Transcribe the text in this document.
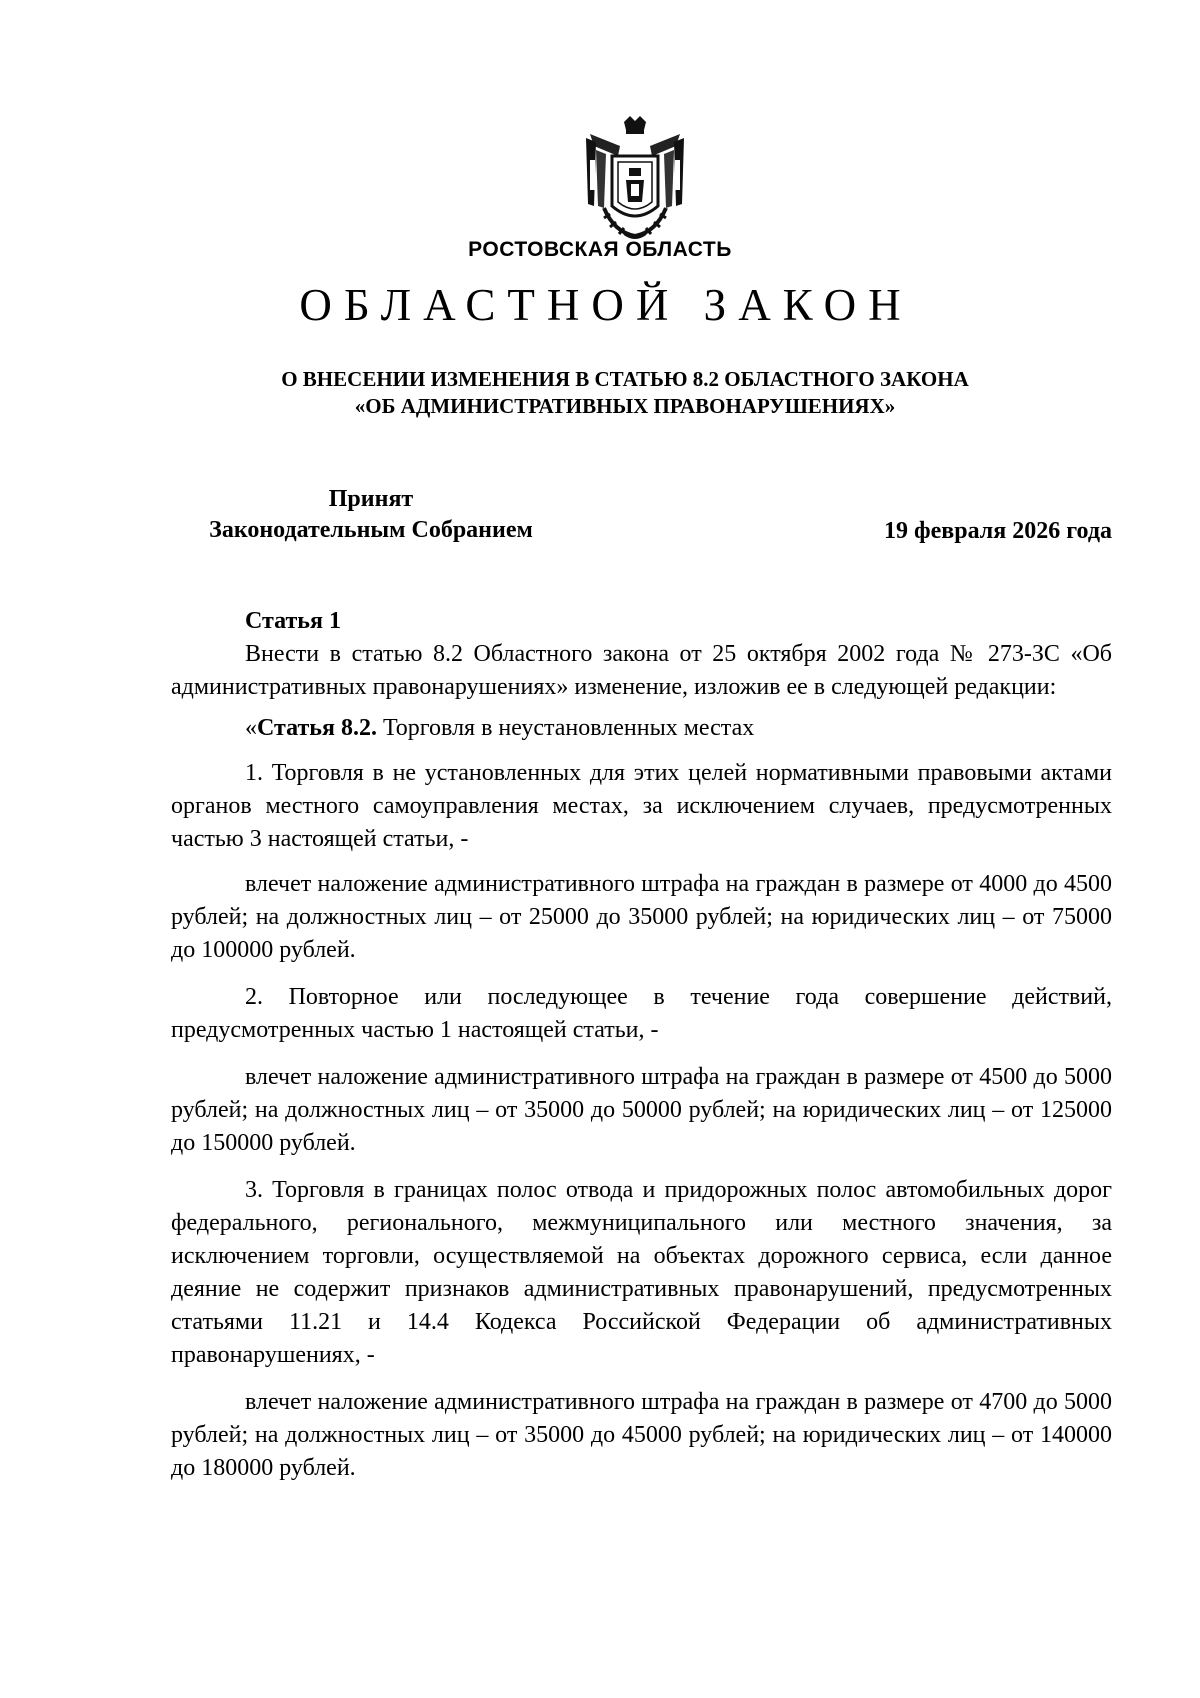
РОСТОВСКАЯ ОБЛАСТЬ
ОБЛАСТНОЙ ЗАКОН
О ВНЕСЕНИИ ИЗМЕНЕНИЯ В СТАТЬЮ 8.2 ОБЛАСТНОГО ЗАКОНА
«ОБ АДМИНИСТРАТИВНЫХ ПРАВОНАРУШЕНИЯХ»
Принят
Законодательным Собранием	19 февраля 2026 года

Статья 1

Внести в статью 8.2 Областного закона от 25 октября 2002 года № 273-ЗС «Об административных правонарушениях» изменение, изложив ее в следующей редакции:

«Статья 8.2. Торговля в неустановленных местах

1. Торговля в не установленных для этих целей нормативными правовыми актами органов местного самоуправления местах, за исключением случаев, предусмотренных частью 3 настоящей статьи, -

влечет наложение административного штрафа на граждан в размере от 4000 до 4500 рублей; на должностных лиц – от 25000 до 35000 рублей; на юридических лиц – от 75000 до 100000 рублей.

2. Повторное или последующее в течение года совершение действий, предусмотренных частью 1 настоящей статьи, -

влечет наложение административного штрафа на граждан в размере от 4500 до 5000 рублей; на должностных лиц – от 35000 до 50000 рублей; на юридических лиц – от 125000 до 150000 рублей.

3. Торговля в границах полос отвода и придорожных полос автомобильных дорог федерального, регионального, межмуниципального или местного значения, за исключением торговли, осуществляемой на объектах дорожного сервиса, если данное деяние не содержит признаков административных правонарушений, предусмотренных статьями 11.21 и 14.4 Кодекса Российской Федерации об административных правонарушениях, -

влечет наложение административного штрафа на граждан в размере от 4700 до 5000 рублей; на должностных лиц – от 35000 до 45000 рублей; на юридических лиц – от 140000 до 180000 рублей.
